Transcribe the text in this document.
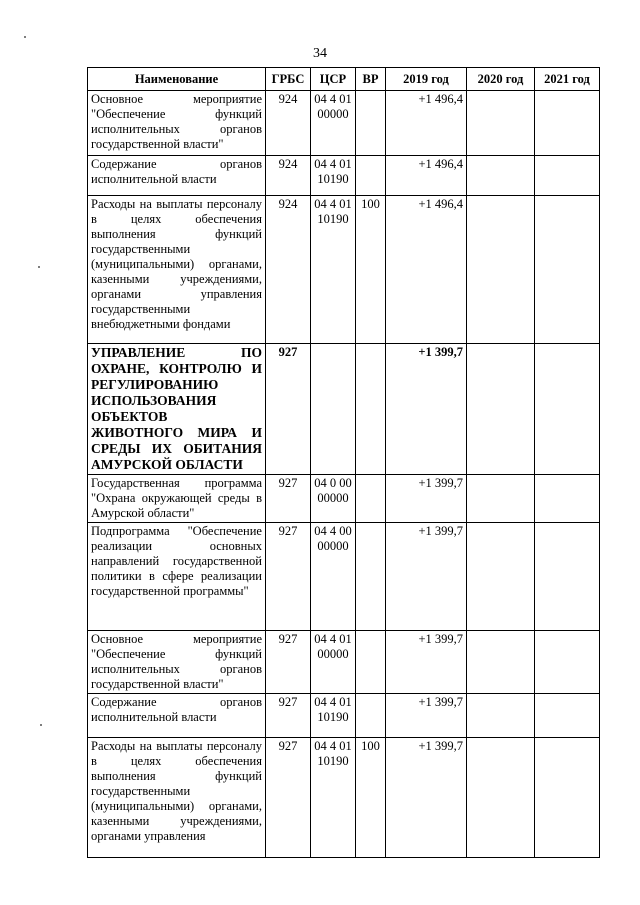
34
Наименование	ГРБС	ЦСР	ВР	2019 год	2020 год	2021 год
Основное мероприятие "Обеспечение функций исполнительных органов государственной власти"	924	04 4 01 00000		+1 496,4		
Содержание органов исполнительной власти	924	04 4 01 10190		+1 496,4		
Расходы на выплаты персоналу в целях обеспечения выполнения функций государственными (муниципальными) органами, казенными учреждениями, органами управления государственными внебюджетными фондами	924	04 4 01 10190	100	+1 496,4		
УПРАВЛЕНИЕ ПО ОХРАНЕ, КОНТРОЛЮ И РЕГУЛИРОВАНИЮ ИСПОЛЬЗОВАНИЯ ОБЪЕКТОВ ЖИВОТНОГО МИРА И СРЕДЫ ИХ ОБИТАНИЯ АМУРСКОЙ ОБЛАСТИ	927			+1 399,7		
Государственная программа "Охрана окружающей среды в Амурской области"	927	04 0 00 00000		+1 399,7		
Подпрограмма "Обеспечение реализации основных направлений государственной политики в сфере реализации государственной программы"	927	04 4 00 00000		+1 399,7		
Основное мероприятие "Обеспечение функций исполнительных органов государственной власти"	927	04 4 01 00000		+1 399,7		
Содержание органов исполнительной власти	927	04 4 01 10190		+1 399,7		
Расходы на выплаты персоналу в целях обеспечения выполнения функций государственными (муниципальными) органами, казенными учреждениями, органами управления	927	04 4 01 10190	100	+1 399,7		
